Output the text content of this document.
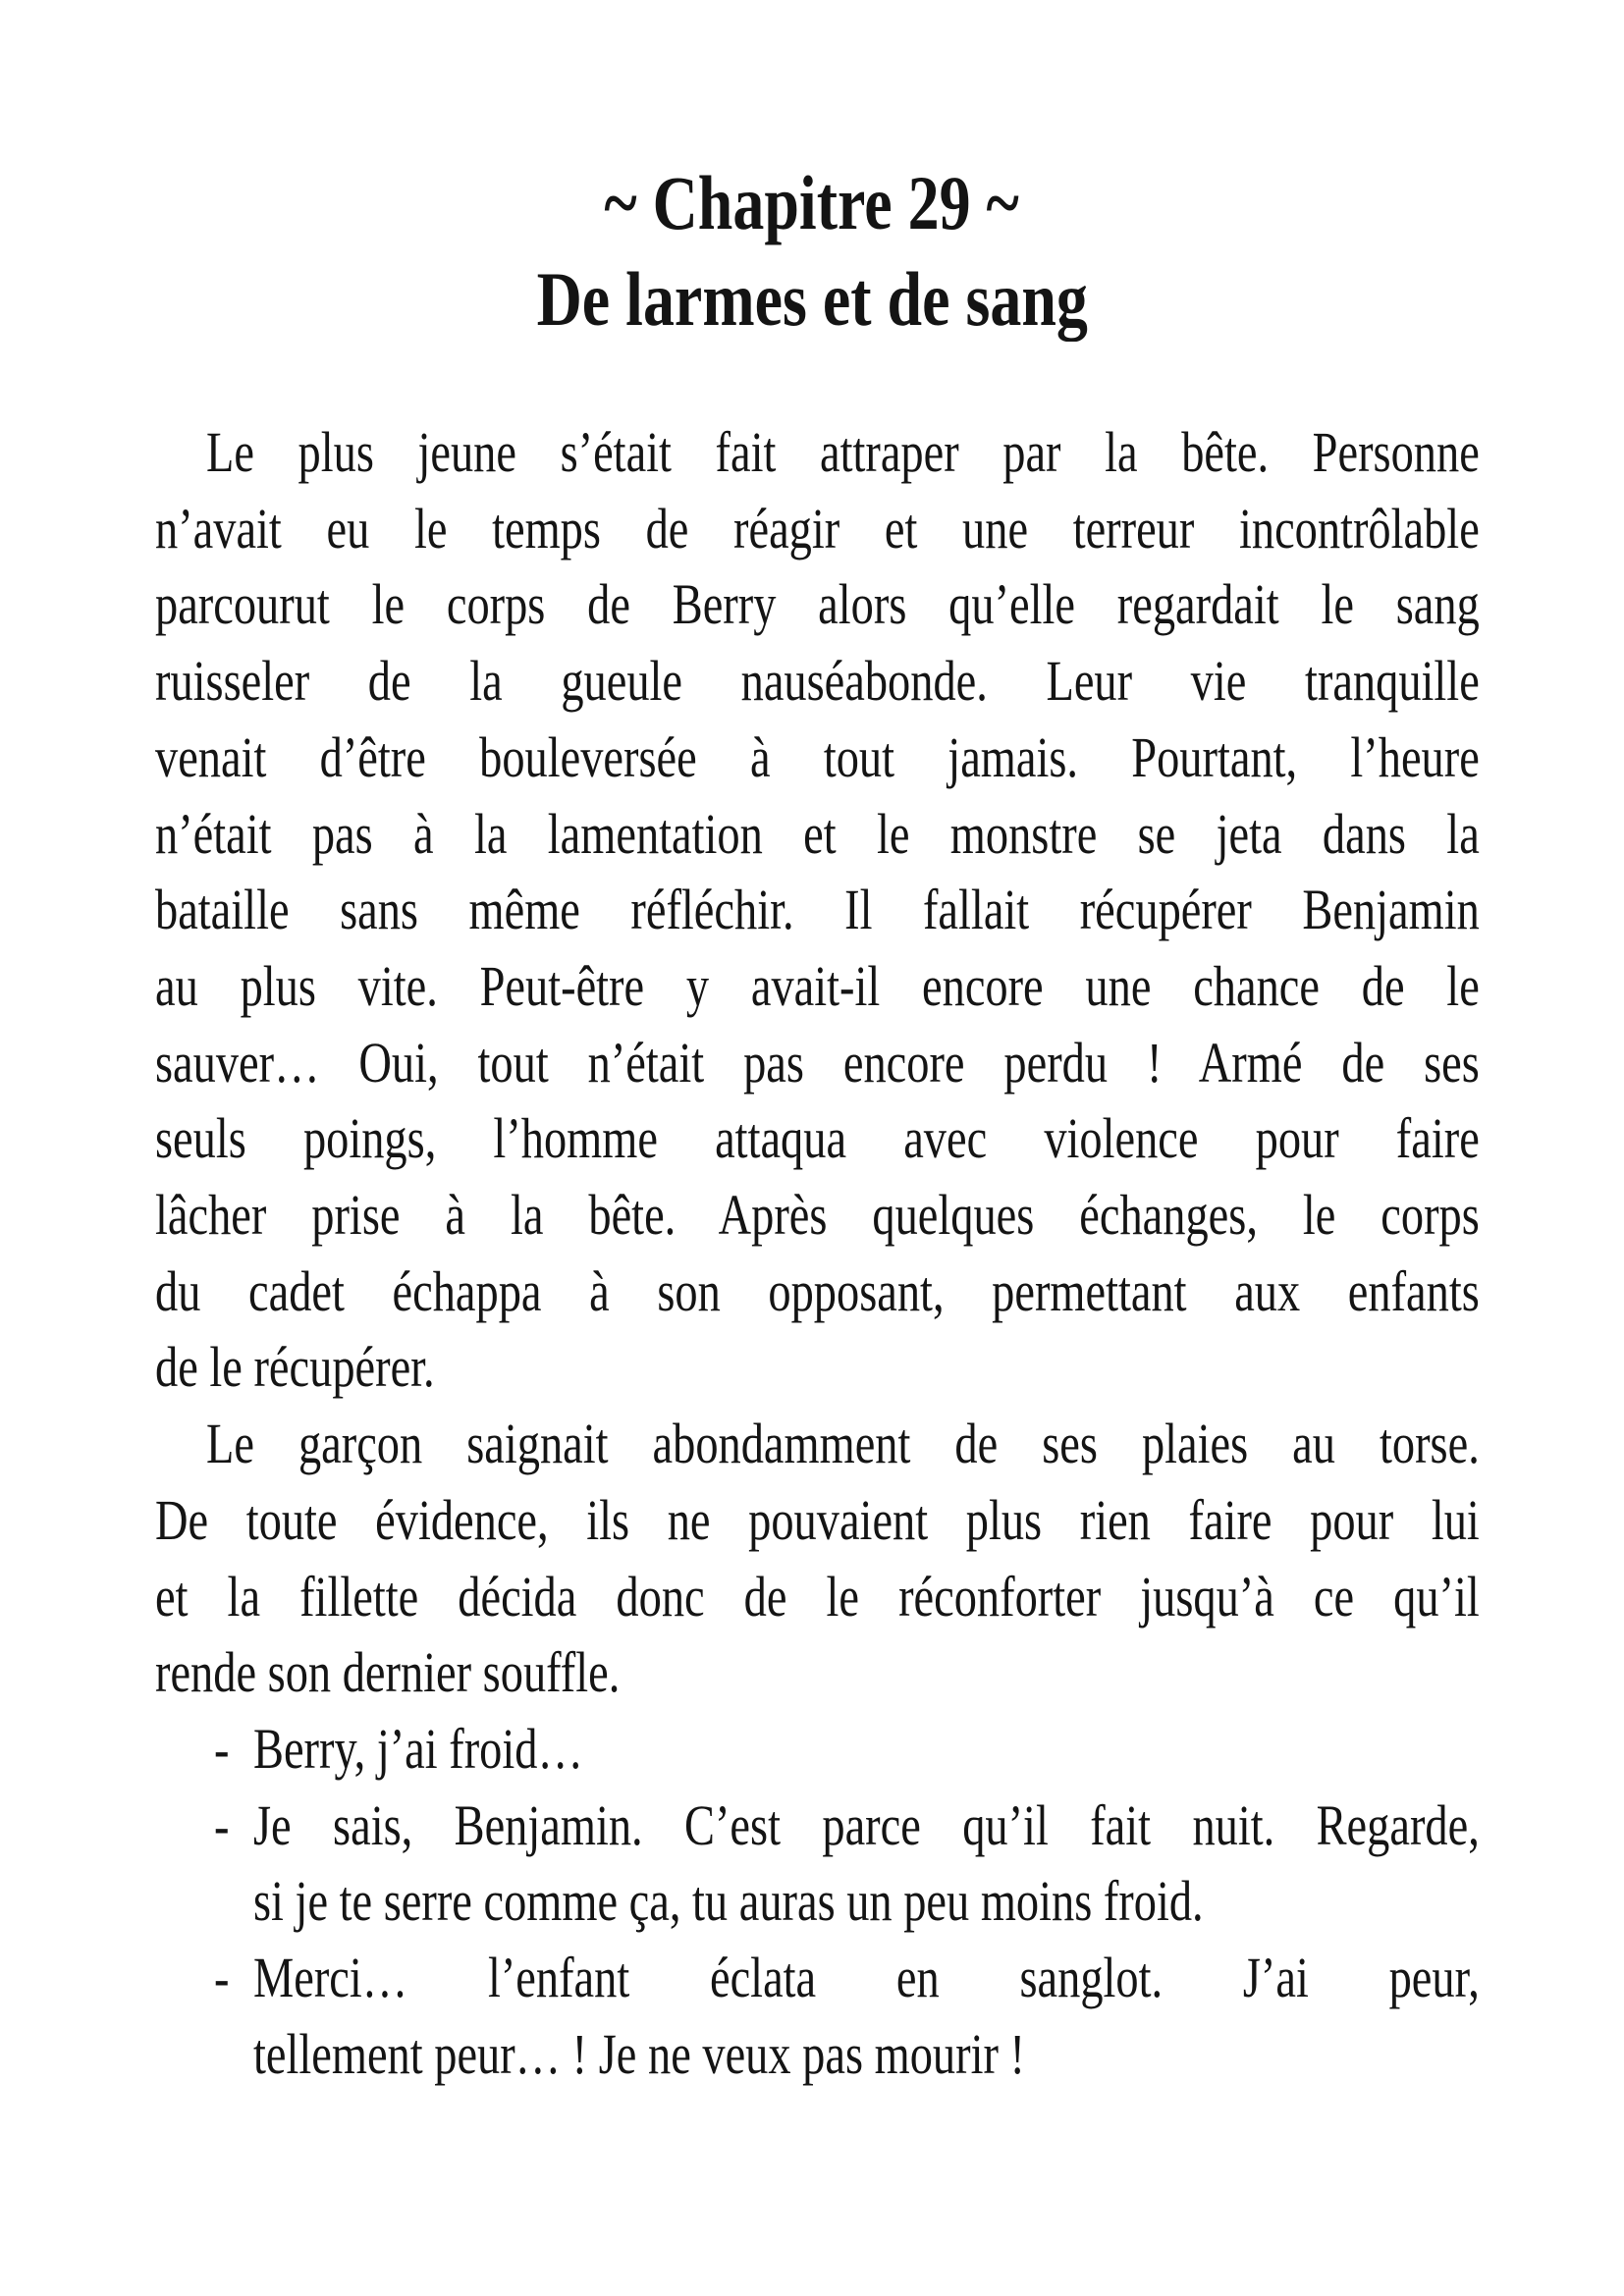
~ Chapitre 29 ~
De larmes et de sang
Le plus jeune s’était fait attraper par la bête. Personne
n’avait eu le temps de réagir et une terreur incontrôlable
parcourut le corps de Berry alors qu’elle regardait le sang
ruisseler de la gueule nauséabonde. Leur vie tranquille
venait d’être bouleversée à tout jamais. Pourtant, l’heure
n’était pas à la lamentation et le monstre se jeta dans la
bataille sans même réfléchir. Il fallait récupérer Benjamin
au plus vite. Peut-être y avait-il encore une chance de le
sauver… Oui, tout n’était pas encore perdu ! Armé de ses
seuls poings, l’homme attaqua avec violence pour faire
lâcher prise à la bête. Après quelques échanges, le corps
du cadet échappa à son opposant, permettant aux enfants
de le récupérer.
Le garçon saignait abondamment de ses plaies au torse.
De toute évidence, ils ne pouvaient plus rien faire pour lui
et la fillette décida donc de le réconforter jusqu’à ce qu’il
rende son dernier souffle.
- Berry, j’ai froid…
- Je sais, Benjamin. C’est parce qu’il fait nuit. Regarde,
si je te serre comme ça, tu auras un peu moins froid.
- Merci… l’enfant éclata en sanglot. J’ai peur,
tellement peur… ! Je ne veux pas mourir !
